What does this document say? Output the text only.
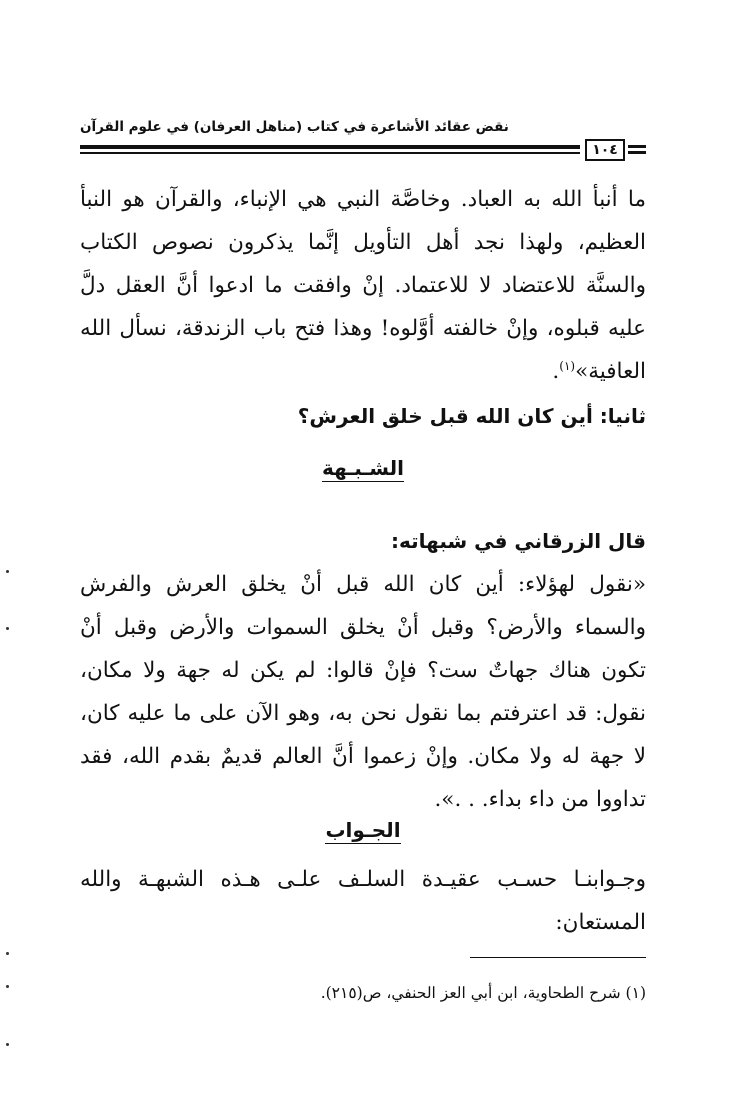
نقض عقائد الأشاعرة في كتاب (مناهل العرفان) في علوم القرآن
١٠٤

ما أنبأ الله به العباد. وخاصَّة النبي هي الإنباء، والقرآن هو النبأ العظيم، ولهذا نجد أهل التأويل إنَّما يذكرون نصوص الكتاب والسنَّة للاعتضاد لا للاعتماد. إنْ وافقت ما ادعوا أنَّ العقل دلَّ عليه قبلوه، وإنْ خالفته أوَّلوه! وهذا فتح باب الزندقة، نسأل الله العافية»$^{(١)}$.

ثانيا: أين كان الله قبل خلق العرش؟
الشـبـهة
قال الزرقاني في شبهاته:

«نقول لهؤلاء: أين كان الله قبل أنْ يخلق العرش والفرش والسماء والأرض؟ وقبل أنْ يخلق السموات والأرض وقبل أنْ تكون هناك جهاتٌ ست؟ فإنْ قالوا: لم يكن له جهة ولا مكان، نقول: قد اعترفتم بما نقول نحن به، وهو الآن على ما عليه كان، لا جهة له ولا مكان. وإنْ زعموا أنَّ العالم قديمٌ بقدم الله، فقد تداووا من داء بداء. . .».

الجـواب

وجـوابنـا حسـب عقيـدة السلـف علـى هـذه الشبهـة والله المستعان:

(١) شرح الطحاوية، ابن أبي العز الحنفي، ص(٢١٥).
